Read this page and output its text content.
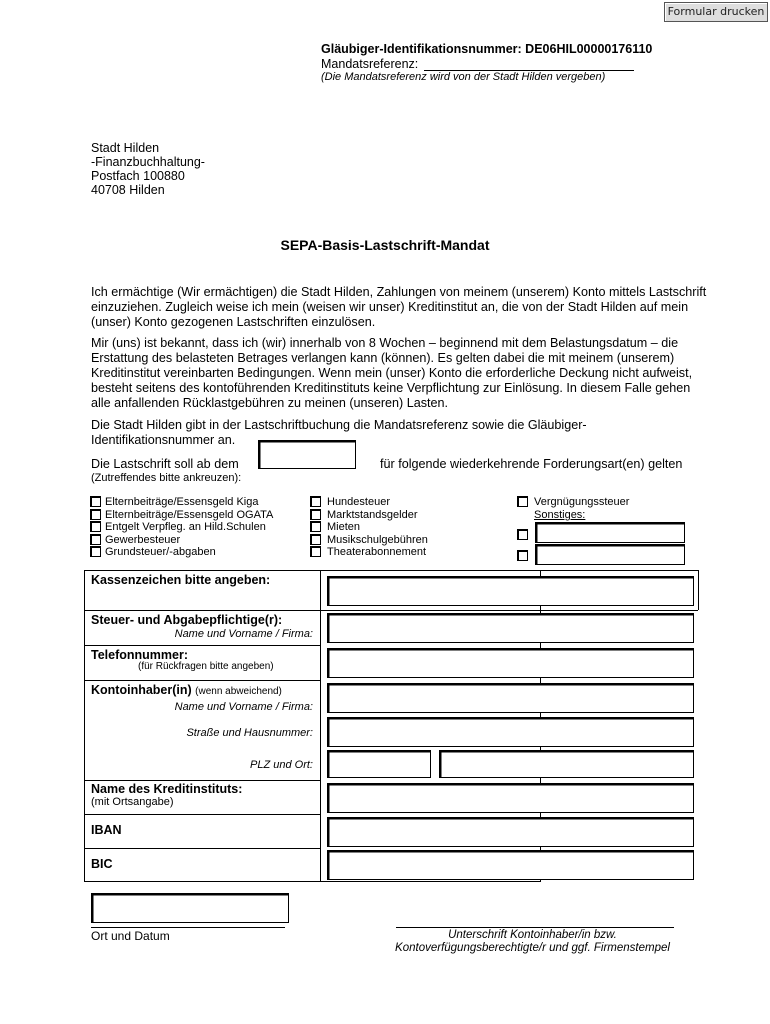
Formular drucken
Gläubiger-Identifikationsnummer: DE06HIL00000176110
Mandatsreferenz:
(Die Mandatsreferenz wird von der Stadt Hilden vergeben)
Stadt Hilden
-Finanzbuchhaltung-
Postfach 100880
40708 Hilden
SEPA-Basis-Lastschrift-Mandat
Ich ermächtige (Wir ermächtigen) die Stadt Hilden, Zahlungen von meinem (unserem) Konto mittels Lastschrift einzuziehen. Zugleich weise ich mein (weisen wir unser) Kreditinstitut an, die von der Stadt Hilden auf mein (unser) Konto gezogenen Lastschriften einzulösen.
Mir (uns) ist bekannt, dass ich (wir) innerhalb von 8 Wochen – beginnend mit dem Belastungsdatum – die Erstattung des belasteten Betrages verlangen kann (können). Es gelten dabei die mit meinem (unserem) Kreditinstitut vereinbarten Bedingungen. Wenn mein (unser) Konto die erforderliche Deckung nicht aufweist, besteht seitens des kontoführenden Kreditinstituts keine Verpflichtung zur Einlösung. In diesem Falle gehen alle anfallenden Rücklastgebühren zu meinen (unseren) Lasten.
Die Stadt Hilden gibt in der Lastschriftbuchung die Mandatsreferenz sowie die Gläubiger-Identifikationsnummer an.
Die Lastschrift soll ab dem	für folgende wiederkehrende Forderungsart(en) gelten
(Zutreffendes bitte ankreuzen):
Elternbeiträge/Essensgeld Kiga
Elternbeiträge/Essensgeld OGATA
Entgelt Verpfleg. an Hild.Schulen
Gewerbesteuer
Grundsteuer/-abgaben
Hundesteuer
Marktstandsgelder
Mieten
Musikschulgebühren
Theaterabonnement
Vergnügungssteuer
Sonstiges:
Kassenzeichen bitte angeben:
Steuer- und Abgabepflichtige(r):
Name und Vorname / Firma:
Telefonnummer:
(für Rückfragen bitte angeben)
Kontoinhaber(in) (wenn abweichend)
Name und Vorname / Firma:
Straße und Hausnummer:
PLZ und Ort:
Name des Kreditinstituts:
(mit Ortsangabe)
IBAN
BIC
Ort und Datum	Unterschrift Kontoinhaber/in bzw.
Kontoverfügungsberechtigte/r und ggf. Firmenstempel
